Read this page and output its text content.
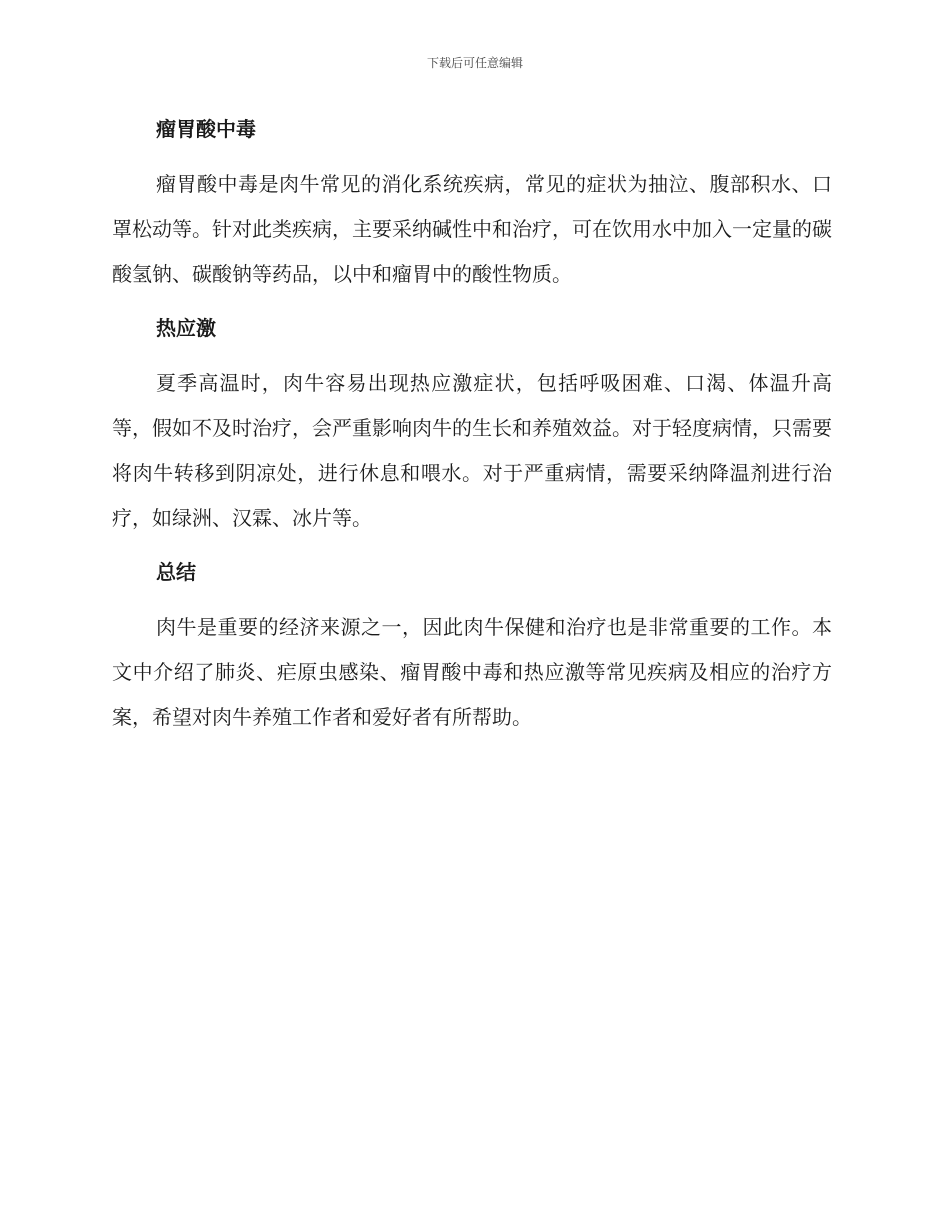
下载后可任意编辑
瘤胃酸中毒

瘤胃酸中毒是肉牛常见的消化系统疾病，常见的症状为抽泣、腹部积水、口罩松动等。针对此类疾病，主要采纳碱性中和治疗，可在饮用水中加入一定量的碳酸氢钠、碳酸钠等药品，以中和瘤胃中的酸性物质。

热应激

夏季高温时，肉牛容易出现热应激症状，包括呼吸困难、口渴、体温升高等，假如不及时治疗，会严重影响肉牛的生长和养殖效益。对于轻度病情，只需要将肉牛转移到阴凉处，进行休息和喂水。对于严重病情，需要采纳降温剂进行治疗，如绿洲、汉霖、冰片等。

总结

肉牛是重要的经济来源之一，因此肉牛保健和治疗也是非常重要的工作。本文中介绍了肺炎、疟原虫感染、瘤胃酸中毒和热应激等常见疾病及相应的治疗方案，希望对肉牛养殖工作者和爱好者有所帮助。
